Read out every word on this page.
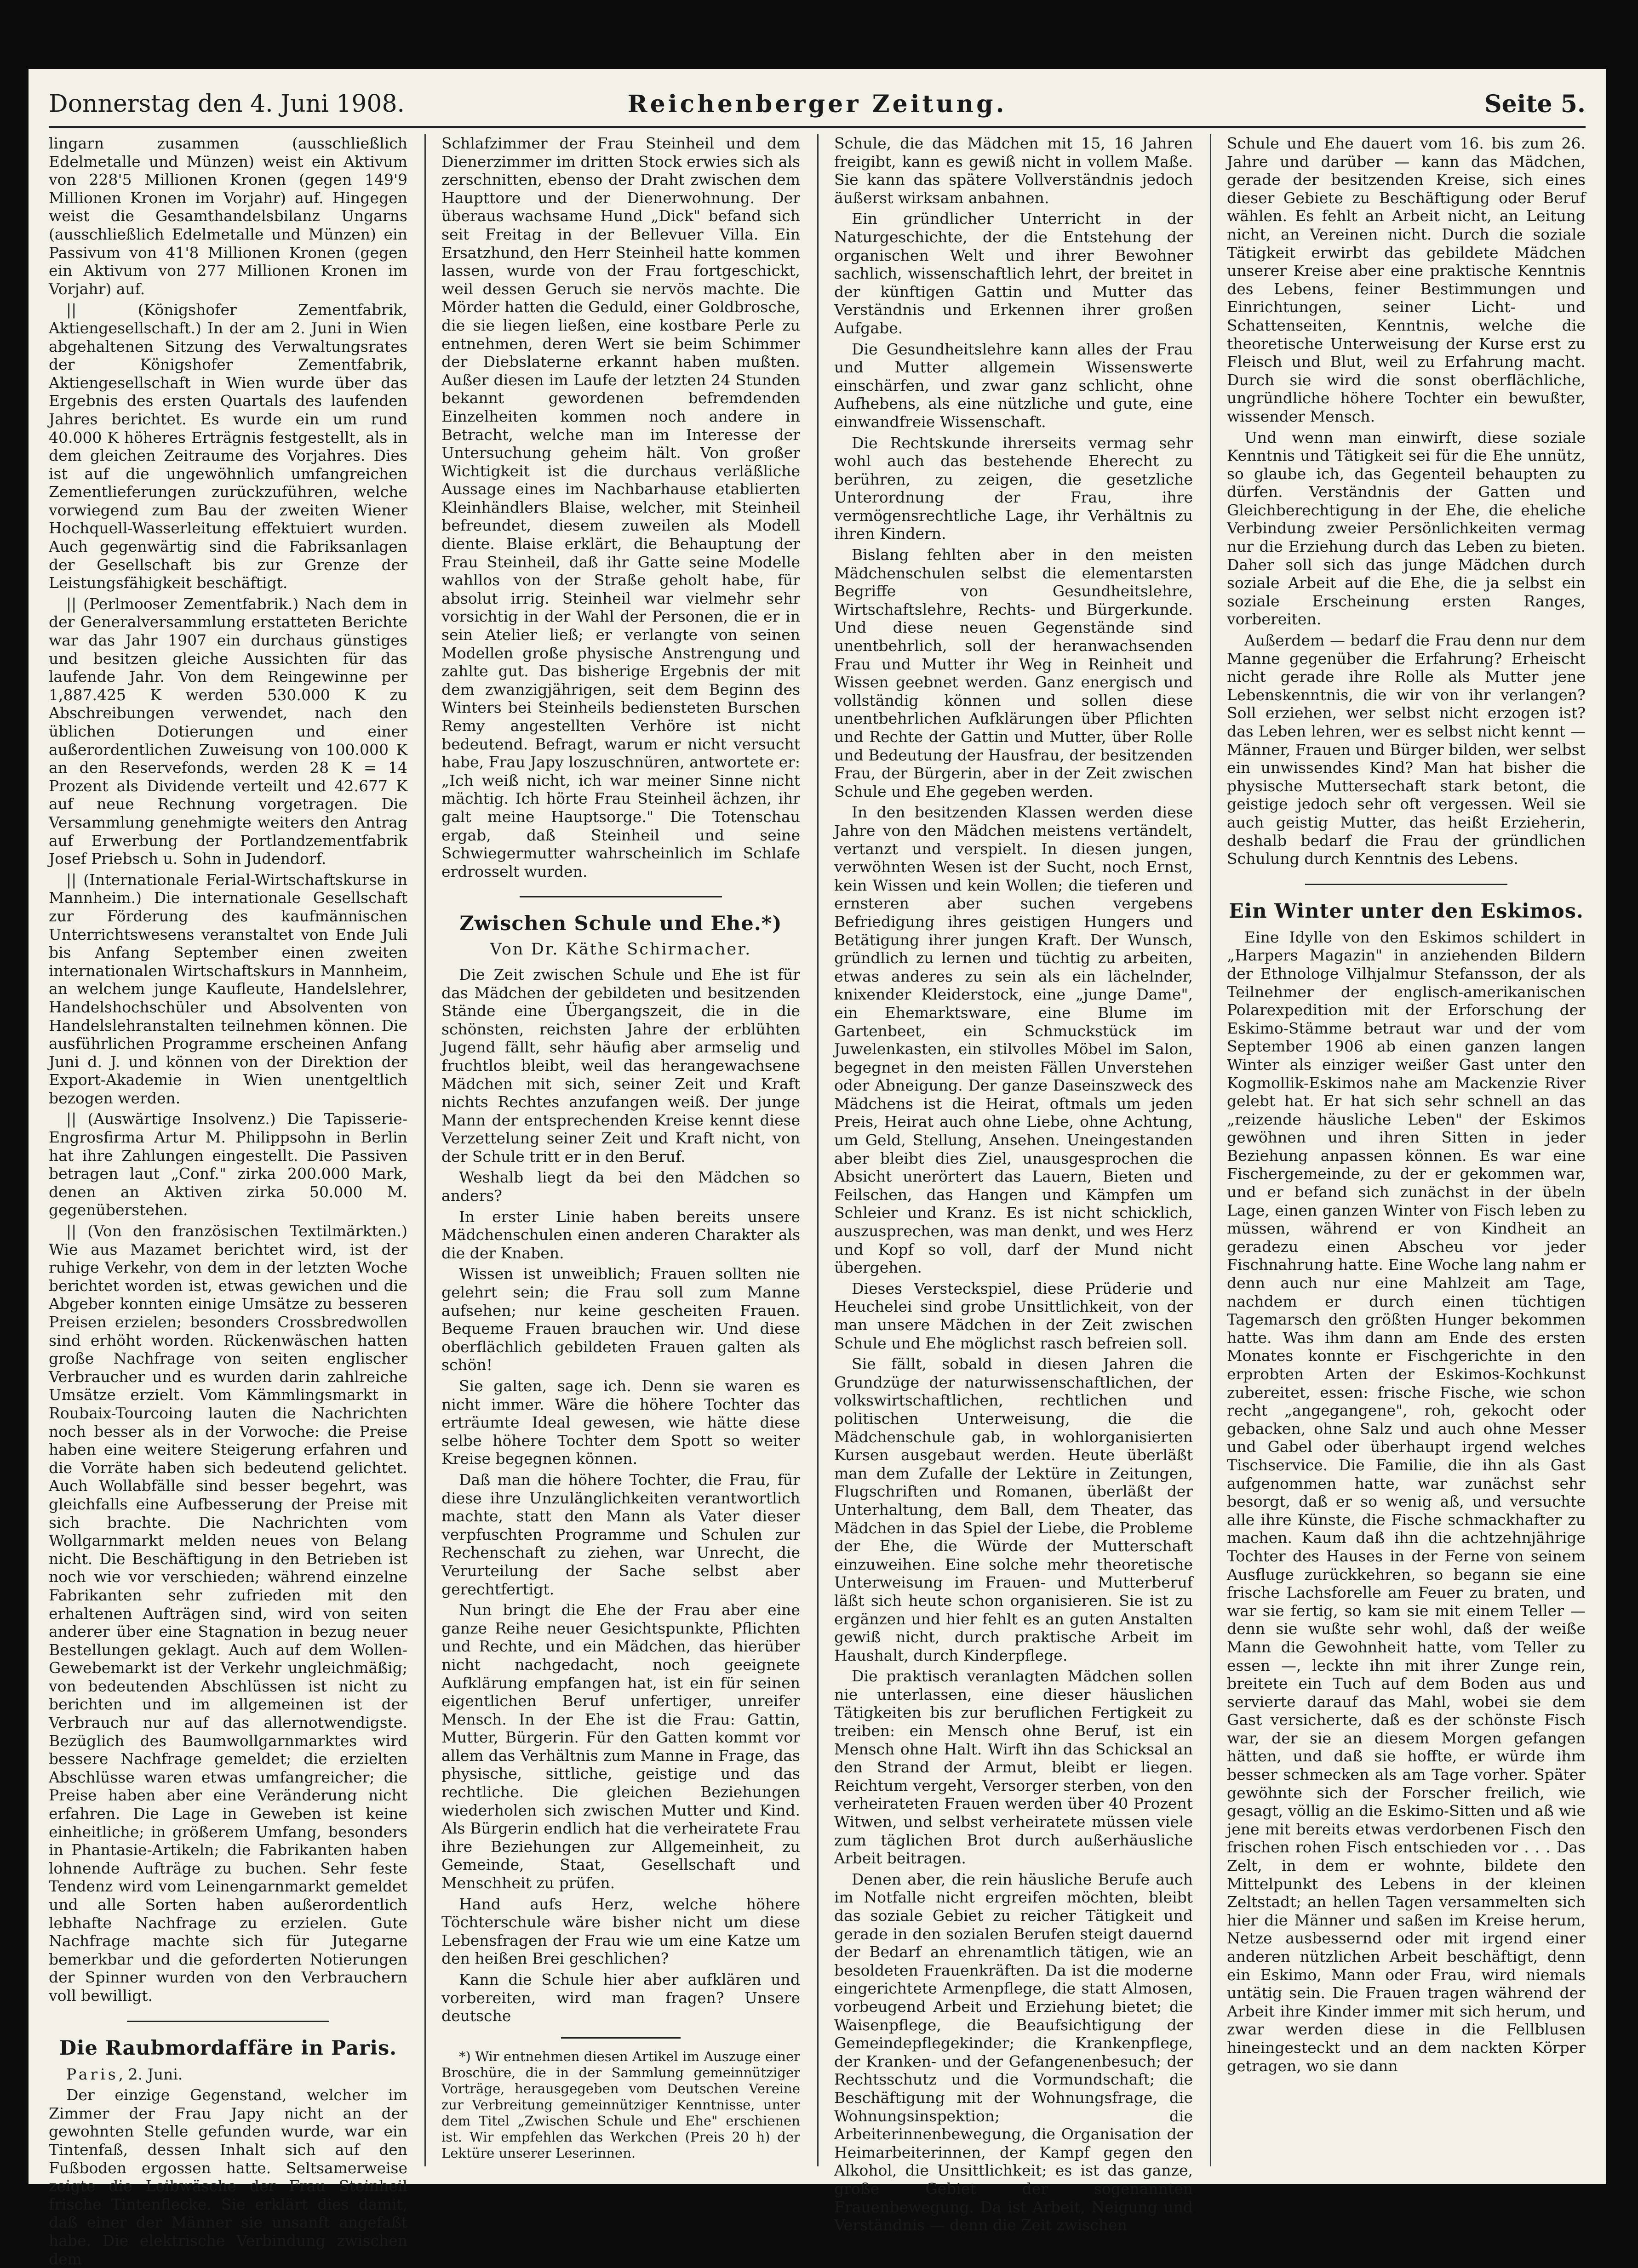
Donnerstag den 4. Juni 1908.	Reichenberger Zeitung.	Seite 5.

lingarn zusammen (ausschließlich Edelmetalle und Münzen) weist ein Aktivum von 228'5 Millionen Kronen (gegen 149'9 Millionen Kronen im Vorjahr) auf. Hingegen weist die Gesamthandelsbilanz Ungarns (ausschließlich Edelmetalle und Münzen) ein Passivum von 41'8 Millionen Kronen (gegen ein Aktivum von 277 Millionen Kronen im Vorjahr) auf.

|| (Königshofer Zementfabrik, Aktiengesellschaft.) In der am 2. Juni in Wien abgehaltenen Sitzung des Verwaltungsrates der Königshofer Zementfabrik, Aktiengesellschaft in Wien wurde über das Ergebnis des ersten Quartals des laufenden Jahres berichtet. Es wurde ein um rund 40.000 K höheres Erträgnis festgestellt, als in dem gleichen Zeitraume des Vorjahres. Dies ist auf die ungewöhnlich umfangreichen Zementlieferungen zurückzuführen, welche vorwiegend zum Bau der zweiten Wiener Hochquell-Wasserleitung effektuiert wurden. Auch gegenwärtig sind die Fabriksanlagen der Gesellschaft bis zur Grenze der Leistungsfähigkeit beschäftigt.

|| (Perlmooser Zementfabrik.) Nach dem in der Generalversammlung erstatteten Berichte war das Jahr 1907 ein durchaus günstiges und besitzen gleiche Aussichten für das laufende Jahr. Von dem Reingewinne per 1,887.425 K werden 530.000 K zu Abschreibungen verwendet, nach den üblichen Dotierungen und einer außerordentlichen Zuweisung von 100.000 K an den Reservefonds, werden 28 K = 14 Prozent als Dividende verteilt und 42.677 K auf neue Rechnung vorgetragen. Die Versammlung genehmigte weiters den Antrag auf Erwerbung der Portlandzementfabrik Josef Priebsch u. Sohn in Judendorf.

|| (Internationale Ferial-Wirtschaftskurse in Mannheim.) Die internationale Gesellschaft zur Förderung des kaufmännischen Unterrichtswesens veranstaltet von Ende Juli bis Anfang September einen zweiten internationalen Wirtschaftskurs in Mannheim, an welchem junge Kaufleute, Handelslehrer, Handelshochschüler und Absolventen von Handelslehranstalten teilnehmen können. Die ausführlichen Programme erscheinen Anfang Juni d. J. und können von der Direktion der Export-Akademie in Wien unentgeltlich bezogen werden.

|| (Auswärtige Insolvenz.) Die Tapisserie-Engrosfirma Artur M. Philippsohn in Berlin hat ihre Zahlungen eingestellt. Die Passiven betragen laut „Conf." zirka 200.000 Mark, denen an Aktiven zirka 50.000 M. gegenüberstehen.

|| (Von den französischen Textilmärkten.) Wie aus Mazamet berichtet wird, ist der ruhige Verkehr, von dem in der letzten Woche berichtet worden ist, etwas gewichen und die Abgeber konnten einige Umsätze zu besseren Preisen erzielen; besonders Crossbredwollen sind erhöht worden. Rückenwäschen hatten große Nachfrage von seiten englischer Verbraucher und es wurden darin zahlreiche Umsätze erzielt. Vom Kämmlingsmarkt in Roubaix-Tourcoing lauten die Nachrichten noch besser als in der Vorwoche: die Preise haben eine weitere Steigerung erfahren und die Vorräte haben sich bedeutend gelichtet. Auch Wollabfälle sind besser begehrt, was gleichfalls eine Aufbesserung der Preise mit sich brachte. Die Nachrichten vom Wollgarnmarkt melden neues von Belang nicht. Die Beschäftigung in den Betrieben ist noch wie vor verschieden; während einzelne Fabrikanten sehr zufrieden mit den erhaltenen Aufträgen sind, wird von seiten anderer über eine Stagnation in bezug neuer Bestellungen geklagt. Auch auf dem Wollen-Gewebemarkt ist der Verkehr ungleichmäßig; von bedeutenden Abschlüssen ist nicht zu berichten und im allgemeinen ist der Verbrauch nur auf das allernotwendigste. Bezüglich des Baumwollgarnmarktes wird bessere Nachfrage gemeldet; die erzielten Abschlüsse waren etwas umfangreicher; die Preise haben aber eine Veränderung nicht erfahren. Die Lage in Geweben ist keine einheitliche; in größerem Umfang, besonders in Phantasie-Artikeln; die Fabrikanten haben lohnende Aufträge zu buchen. Sehr feste Tendenz wird vom Leinengarnmarkt gemeldet und alle Sorten haben außerordentlich lebhafte Nachfrage zu erzielen. Gute Nachfrage machte sich für Jutegarne bemerkbar und die geforderten Notierungen der Spinner wurden von den Verbrauchern voll bewilligt.

Die Raubmordaffäre in Paris.

Paris, 2. Juni.

Der einzige Gegenstand, welcher im Zimmer der Frau Japy nicht an der gewohnten Stelle gefunden wurde, war ein Tintenfaß, dessen Inhalt sich auf den Fußboden ergossen hatte. Seltsamerweise zeigte die Leibwäsche der Frau Steinheil frische Tintenflecke. Sie erklärt dies damit, daß einer der Männer sie unsanft angefaßt habe. Die elektrische Verbindung zwischen dem

Schlafzimmer der Frau Steinheil und dem Dienerzimmer im dritten Stock erwies sich als zerschnitten, ebenso der Draht zwischen dem Haupttore und der Dienerwohnung. Der überaus wachsame Hund „Dick" befand sich seit Freitag in der Bellevuer Villa. Ein Ersatzhund, den Herr Steinheil hatte kommen lassen, wurde von der Frau fortgeschickt, weil dessen Geruch sie nervös machte. Die Mörder hatten die Geduld, einer Goldbrosche, die sie liegen ließen, eine kostbare Perle zu entnehmen, deren Wert sie beim Schimmer der Diebslaterne erkannt haben mußten. Außer diesen im Laufe der letzten 24 Stunden bekannt gewordenen befremdenden Einzelheiten kommen noch andere in Betracht, welche man im Interesse der Untersuchung geheim hält. Von großer Wichtigkeit ist die durchaus verläßliche Aussage eines im Nachbarhause etablierten Kleinhändlers Blaise, welcher, mit Steinheil befreundet, diesem zuweilen als Modell diente. Blaise erklärt, die Behauptung der Frau Steinheil, daß ihr Gatte seine Modelle wahllos von der Straße geholt habe, für absolut irrig. Steinheil war vielmehr sehr vorsichtig in der Wahl der Personen, die er in sein Atelier ließ; er verlangte von seinen Modellen große physische Anstrengung und zahlte gut. Das bisherige Ergebnis der mit dem zwanzigjährigen, seit dem Beginn des Winters bei Steinheils bediensteten Burschen Remy angestellten Verhöre ist nicht bedeutend. Befragt, warum er nicht versucht habe, Frau Japy loszuschnüren, antwortete er: „Ich weiß nicht, ich war meiner Sinne nicht mächtig. Ich hörte Frau Steinheil ächzen, ihr galt meine Hauptsorge." Die Totenschau ergab, daß Steinheil und seine Schwiegermutter wahrscheinlich im Schlafe erdrosselt wurden.

Zwischen Schule und Ehe.*)
Von Dr. Käthe Schirmacher.

Die Zeit zwischen Schule und Ehe ist für das Mädchen der gebildeten und besitzenden Stände eine Übergangszeit, die in die schönsten, reichsten Jahre der erblühten Jugend fällt, sehr häufig aber armselig und fruchtlos bleibt, weil das herangewachsene Mädchen mit sich, seiner Zeit und Kraft nichts Rechtes anzufangen weiß. Der junge Mann der entsprechenden Kreise kennt diese Verzettelung seiner Zeit und Kraft nicht, von der Schule tritt er in den Beruf.

Weshalb liegt da bei den Mädchen so anders?

In erster Linie haben bereits unsere Mädchenschulen einen anderen Charakter als die der Knaben.

Wissen ist unweiblich; Frauen sollten nie gelehrt sein; die Frau soll zum Manne aufsehen; nur keine gescheiten Frauen. Bequeme Frauen brauchen wir. Und diese oberflächlich gebildeten Frauen galten als schön!

Sie galten, sage ich. Denn sie waren es nicht immer. Wäre die höhere Tochter das erträumte Ideal gewesen, wie hätte diese selbe höhere Tochter dem Spott so weiter Kreise begegnen können.

Daß man die höhere Tochter, die Frau, für diese ihre Unzulänglichkeiten verantwortlich machte, statt den Mann als Vater dieser verpfuschten Programme und Schulen zur Rechenschaft zu ziehen, war Unrecht, die Verurteilung der Sache selbst aber gerechtfertigt.

Nun bringt die Ehe der Frau aber eine ganze Reihe neuer Gesichtspunkte, Pflichten und Rechte, und ein Mädchen, das hierüber nicht nachgedacht, noch geeignete Aufklärung empfangen hat, ist ein für seinen eigentlichen Beruf unfertiger, unreifer Mensch. In der Ehe ist die Frau: Gattin, Mutter, Bürgerin. Für den Gatten kommt vor allem das Verhältnis zum Manne in Frage, das physische, sittliche, geistige und das rechtliche. Die gleichen Beziehungen wiederholen sich zwischen Mutter und Kind. Als Bürgerin endlich hat die verheiratete Frau ihre Beziehungen zur Allgemeinheit, zu Gemeinde, Staat, Gesellschaft und Menschheit zu prüfen.

Hand aufs Herz, welche höhere Töchterschule wäre bisher nicht um diese Lebensfragen der Frau wie um eine Katze um den heißen Brei geschlichen?

Kann die Schule hier aber aufklären und vorbereiten, wird man fragen? Unsere deutsche

*) Wir entnehmen diesen Artikel im Auszuge einer Broschüre, die in der Sammlung gemeinnütziger Vorträge, herausgegeben vom Deutschen Vereine zur Verbreitung gemeinnütziger Kenntnisse, unter dem Titel „Zwischen Schule und Ehe" erschienen ist. Wir empfehlen das Werkchen (Preis 20 h) der Lektüre unserer Leserinnen.

Schule, die das Mädchen mit 15, 16 Jahren freigibt, kann es gewiß nicht in vollem Maße. Sie kann das spätere Vollverständnis jedoch äußerst wirksam anbahnen.

Ein gründlicher Unterricht in der Naturgeschichte, der die Entstehung der organischen Welt und ihrer Bewohner sachlich, wissenschaftlich lehrt, der breitet in der künftigen Gattin und Mutter das Verständnis und Erkennen ihrer großen Aufgabe.

Die Gesundheitslehre kann alles der Frau und Mutter allgemein Wissenswerte einschärfen, und zwar ganz schlicht, ohne Aufhebens, als eine nützliche und gute, eine einwandfreie Wissenschaft.

Die Rechtskunde ihrerseits vermag sehr wohl auch das bestehende Eherecht zu berühren, zu zeigen, die gesetzliche Unterordnung der Frau, ihre vermögensrechtliche Lage, ihr Verhältnis zu ihren Kindern.

Bislang fehlten aber in den meisten Mädchenschulen selbst die elementarsten Begriffe von Gesundheitslehre, Wirtschaftslehre, Rechts- und Bürgerkunde. Und diese neuen Gegenstände sind unentbehrlich, soll der heranwachsenden Frau und Mutter ihr Weg in Reinheit und Wissen geebnet werden. Ganz energisch und vollständig können und sollen diese unentbehrlichen Aufklärungen über Pflichten und Rechte der Gattin und Mutter, über Rolle und Bedeutung der Hausfrau, der besitzenden Frau, der Bürgerin, aber in der Zeit zwischen Schule und Ehe gegeben werden.

In den besitzenden Klassen werden diese Jahre von den Mädchen meistens vertändelt, vertanzt und verspielt. In diesen jungen, verwöhnten Wesen ist der Sucht, noch Ernst, kein Wissen und kein Wollen; die tieferen und ernsteren aber suchen vergebens Befriedigung ihres geistigen Hungers und Betätigung ihrer jungen Kraft. Der Wunsch, gründlich zu lernen und tüchtig zu arbeiten, etwas anderes zu sein als ein lächelnder, knixender Kleiderstock, eine „junge Dame", ein Ehemarktsware, eine Blume im Gartenbeet, ein Schmuckstück im Juwelenkasten, ein stilvolles Möbel im Salon, begegnet in den meisten Fällen Unverstehen oder Abneigung. Der ganze Daseinszweck des Mädchens ist die Heirat, oftmals um jeden Preis, Heirat auch ohne Liebe, ohne Achtung, um Geld, Stellung, Ansehen. Uneingestanden aber bleibt dies Ziel, unausgesprochen die Absicht unerörtert das Lauern, Bieten und Feilschen, das Hangen und Kämpfen um Schleier und Kranz. Es ist nicht schicklich, auszusprechen, was man denkt, und wes Herz und Kopf so voll, darf der Mund nicht übergehen.

Dieses Versteckspiel, diese Prüderie und Heuchelei sind grobe Unsittlichkeit, von der man unsere Mädchen in der Zeit zwischen Schule und Ehe möglichst rasch befreien soll.

Sie fällt, sobald in diesen Jahren die Grundzüge der naturwissenschaftlichen, der volkswirtschaftlichen, rechtlichen und politischen Unterweisung, die die Mädchenschule gab, in wohlorganisierten Kursen ausgebaut werden. Heute überläßt man dem Zufalle der Lektüre in Zeitungen, Flugschriften und Romanen, überläßt der Unterhaltung, dem Ball, dem Theater, das Mädchen in das Spiel der Liebe, die Probleme der Ehe, die Würde der Mutterschaft einzuweihen. Eine solche mehr theoretische Unterweisung im Frauen- und Mutterberuf läßt sich heute schon organisieren. Sie ist zu ergänzen und hier fehlt es an guten Anstalten gewiß nicht, durch praktische Arbeit im Haushalt, durch Kinderpflege.

Die praktisch veranlagten Mädchen sollen nie unterlassen, eine dieser häuslichen Tätigkeiten bis zur beruflichen Fertigkeit zu treiben: ein Mensch ohne Beruf, ist ein Mensch ohne Halt. Wirft ihn das Schicksal an den Strand der Armut, bleibt er liegen. Reichtum vergeht, Versorger sterben, von den verheirateten Frauen werden über 40 Prozent Witwen, und selbst verheiratete müssen viele zum täglichen Brot durch außerhäusliche Arbeit beitragen.

Denen aber, die rein häusliche Berufe auch im Notfalle nicht ergreifen möchten, bleibt das soziale Gebiet zu reicher Tätigkeit und gerade in den sozialen Berufen steigt dauernd der Bedarf an ehrenamtlich tätigen, wie an besoldeten Frauenkräften. Da ist die moderne eingerichtete Armenpflege, die statt Almosen, vorbeugend Arbeit und Erziehung bietet; die Waisenpflege, die Beaufsichtigung der Gemeindepflegekinder; die Krankenpflege, der Kranken- und der Gefangenenbesuch; der Rechtsschutz und die Vormundschaft; die Beschäftigung mit der Wohnungsfrage, die Wohnungsinspektion; die Arbeiterinnenbewegung, die Organisation der Heimarbeiterinnen, der Kampf gegen den Alkohol, die Unsittlichkeit; es ist das ganze, große Gebiet der sogenannten Frauenbewegung. Da ist Arbeit, Neigung und Verständnis — denn die Zeit zwischen

Schule und Ehe dauert vom 16. bis zum 26. Jahre und darüber — kann das Mädchen, gerade der besitzenden Kreise, sich eines dieser Gebiete zu Beschäftigung oder Beruf wählen. Es fehlt an Arbeit nicht, an Leitung nicht, an Vereinen nicht. Durch die soziale Tätigkeit erwirbt das gebildete Mädchen unserer Kreise aber eine praktische Kenntnis des Lebens, feiner Bestimmungen und Einrichtungen, seiner Licht- und Schattenseiten, Kenntnis, welche die theoretische Unterweisung der Kurse erst zu Fleisch und Blut, weil zu Erfahrung macht. Durch sie wird die sonst oberflächliche, ungründliche höhere Tochter ein bewußter, wissender Mensch.

Und wenn man einwirft, diese soziale Kenntnis und Tätigkeit sei für die Ehe unnütz, so glaube ich, das Gegenteil behaupten zu dürfen. Verständnis der Gatten und Gleichberechtigung in der Ehe, die eheliche Verbindung zweier Persönlichkeiten vermag nur die Erziehung durch das Leben zu bieten. Daher soll sich das junge Mädchen durch soziale Arbeit auf die Ehe, die ja selbst ein soziale Erscheinung ersten Ranges, vorbereiten.

Außerdem — bedarf die Frau denn nur dem Manne gegenüber die Erfahrung? Erheischt nicht gerade ihre Rolle als Mutter jene Lebenskenntnis, die wir von ihr verlangen? Soll erziehen, wer selbst nicht erzogen ist? das Leben lehren, wer es selbst nicht kennt — Männer, Frauen und Bürger bilden, wer selbst ein unwissendes Kind? Man hat bisher die physische Muttersechaft stark betont, die geistige jedoch sehr oft vergessen. Weil sie auch geistig Mutter, das heißt Erzieherin, deshalb bedarf die Frau der gründlichen Schulung durch Kenntnis des Lebens.

Ein Winter unter den Eskimos.

Eine Idylle von den Eskimos schildert in „Harpers Magazin" in anziehenden Bildern der Ethnologe Vilhjalmur Stefansson, der als Teilnehmer der englisch-amerikanischen Polarexpedition mit der Erforschung der Eskimo-Stämme betraut war und der vom September 1906 ab einen ganzen langen Winter als einziger weißer Gast unter den Kogmollik-Eskimos nahe am Mackenzie River gelebt hat. Er hat sich sehr schnell an das „reizende häusliche Leben" der Eskimos gewöhnen und ihren Sitten in jeder Beziehung anpassen können. Es war eine Fischergemeinde, zu der er gekommen war, und er befand sich zunächst in der übeln Lage, einen ganzen Winter von Fisch leben zu müssen, während er von Kindheit an geradezu einen Abscheu vor jeder Fischnahrung hatte. Eine Woche lang nahm er denn auch nur eine Mahlzeit am Tage, nachdem er durch einen tüchtigen Tagemarsch den größten Hunger bekommen hatte. Was ihm dann am Ende des ersten Monates konnte er Fischgerichte in den erprobten Arten der Eskimos-Kochkunst zubereitet, essen: frische Fische, wie schon recht „angegangene", roh, gekocht oder gebacken, ohne Salz und auch ohne Messer und Gabel oder überhaupt irgend welches Tischservice. Die Familie, die ihn als Gast aufgenommen hatte, war zunächst sehr besorgt, daß er so wenig aß, und versuchte alle ihre Künste, die Fische schmackhafter zu machen. Kaum daß ihn die achtzehnjährige Tochter des Hauses in der Ferne von seinem Ausfluge zurückkehren, so begann sie eine frische Lachsforelle am Feuer zu braten, und war sie fertig, so kam sie mit einem Teller — denn sie wußte sehr wohl, daß der weiße Mann die Gewohnheit hatte, vom Teller zu essen —, leckte ihn mit ihrer Zunge rein, breitete ein Tuch auf dem Boden aus und servierte darauf das Mahl, wobei sie dem Gast versicherte, daß es der schönste Fisch war, der sie an diesem Morgen gefangen hätten, und daß sie hoffte, er würde ihm besser schmecken als am Tage vorher. Später gewöhnte sich der Forscher freilich, wie gesagt, völlig an die Eskimo-Sitten und aß wie jene mit bereits etwas verdorbenen Fisch den frischen rohen Fisch entschieden vor . . . Das Zelt, in dem er wohnte, bildete den Mittelpunkt des Lebens in der kleinen Zeltstadt; an hellen Tagen versammelten sich hier die Männer und saßen im Kreise herum, Netze ausbessernd oder mit irgend einer anderen nützlichen Arbeit beschäftigt, denn ein Eskimo, Mann oder Frau, wird niemals untätig sein. Die Frauen tragen während der Arbeit ihre Kinder immer mit sich herum, und zwar werden diese in die Fellblusen hineingesteckt und an dem nackten Körper getragen, wo sie dann
